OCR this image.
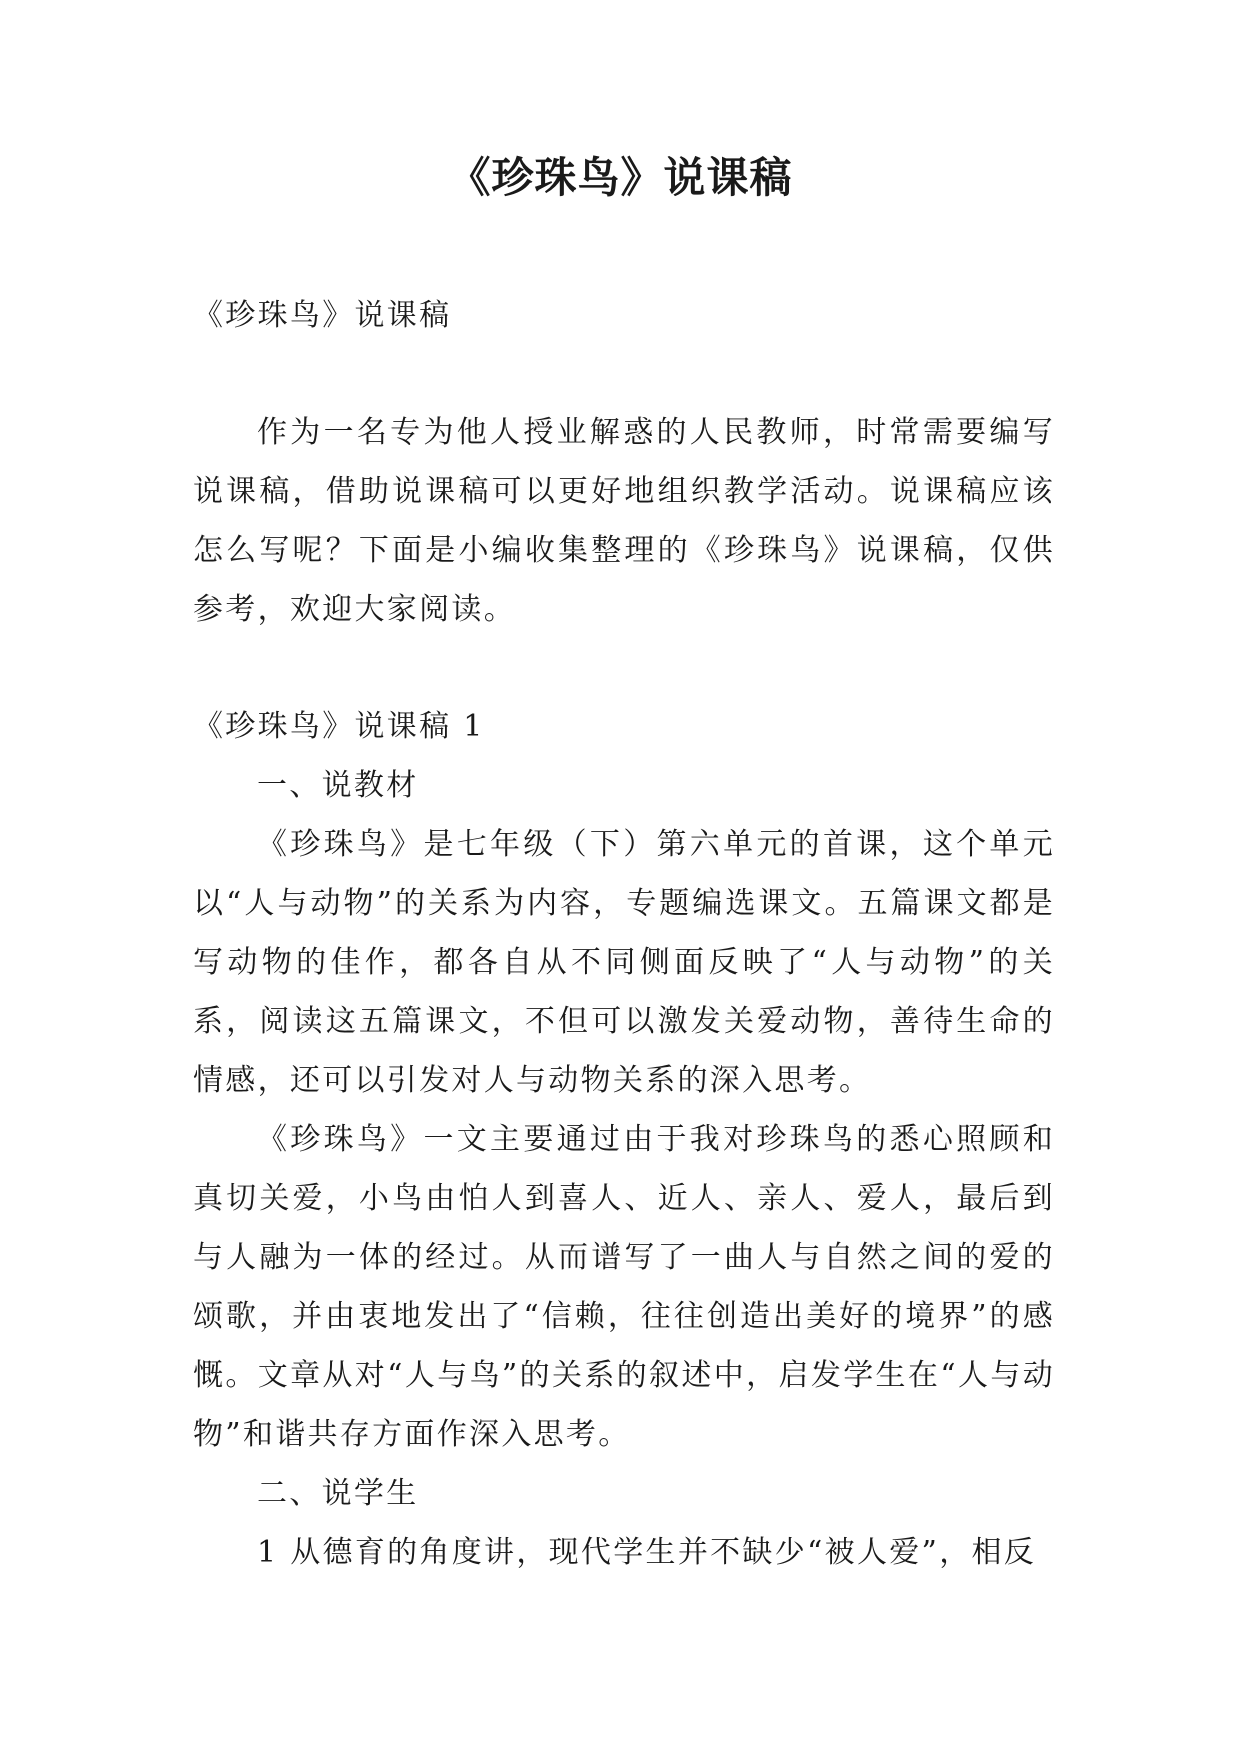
《珍珠鸟》说课稿

《珍珠鸟》说课稿

作为一名专为他人授业解惑的人民教师，时常需要编写说课稿，借助说课稿可以更好地组织教学活动。说课稿应该怎么写呢？下面是小编收集整理的《珍珠鸟》说课稿，仅供参考，欢迎大家阅读。

《珍珠鸟》说课稿 1

一、说教材

《珍珠鸟》是七年级（下）第六单元的首课，这个单元以“人与动物”的关系为内容，专题编选课文。五篇课文都是写动物的佳作，都各自从不同侧面反映了“人与动物”的关系，阅读这五篇课文，不但可以激发关爱动物，善待生命的情感，还可以引发对人与动物关系的深入思考。

《珍珠鸟》一文主要通过由于我对珍珠鸟的悉心照顾和真切关爱，小鸟由怕人到喜人、近人、亲人、爱人，最后到与人融为一体的经过。从而谱写了一曲人与自然之间的爱的颂歌，并由衷地发出了“信赖，往往创造出美好的境界”的感慨。文章从对“人与鸟”的关系的叙述中，启发学生在“人与动物”和谐共存方面作深入思考。

二、说学生

1 从德育的角度讲，现代学生并不缺少“被人爱”，相反
